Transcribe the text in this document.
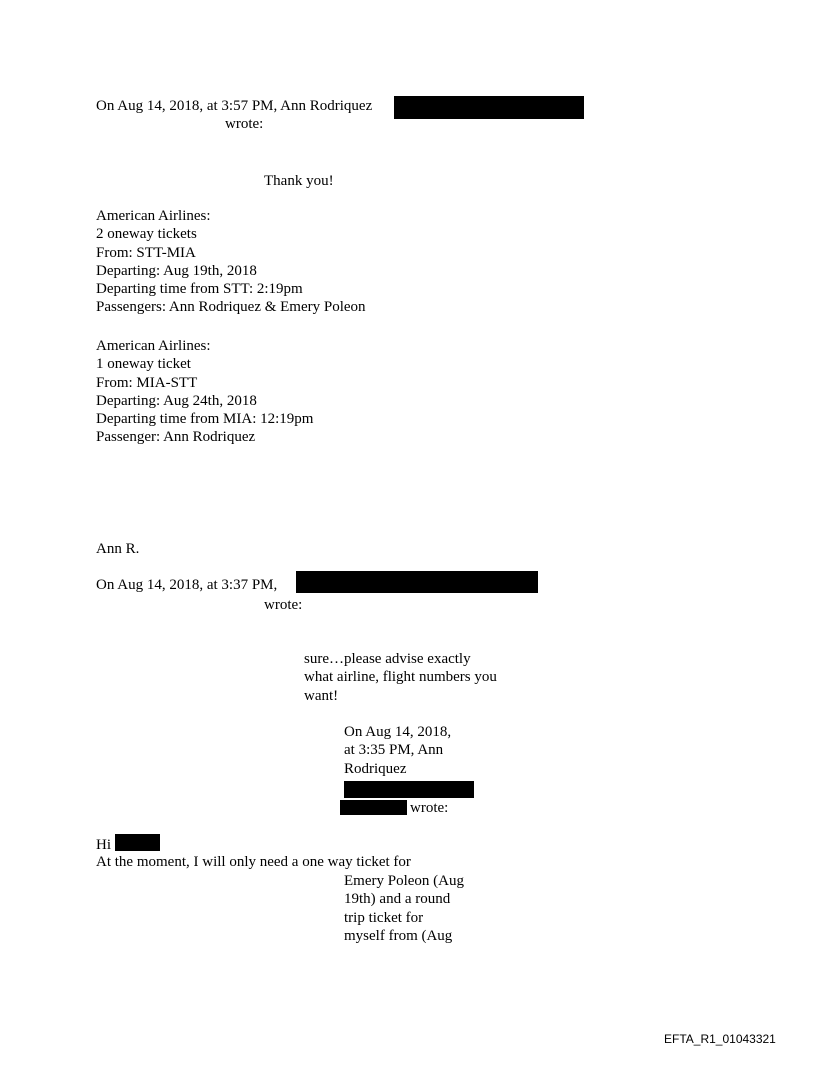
On Aug 14, 2018, at 3:57 PM, Ann Rodriquez
wrote:
Thank you!
American Airlines:
2 oneway tickets
From: STT-MIA
Departing: Aug 19th, 2018
Departing time from STT: 2:19pm
Passengers: Ann Rodriquez & Emery Poleon
American Airlines:
1 oneway ticket
From: MIA-STT
Departing: Aug 24th, 2018
Departing time from MIA: 12:19pm
Passenger: Ann Rodriquez
Ann R.
On Aug 14, 2018, at 3:37 PM,
wrote:
sure…please advise exactly
what airline, flight numbers you
want!
On Aug 14, 2018,
at 3:35 PM, Ann
Rodriquez
wrote:
Hi
At the moment, I will only need a one way ticket for
Emery Poleon (Aug
19th) and a round
trip ticket for
myself from (Aug
EFTA_R1_01043321
